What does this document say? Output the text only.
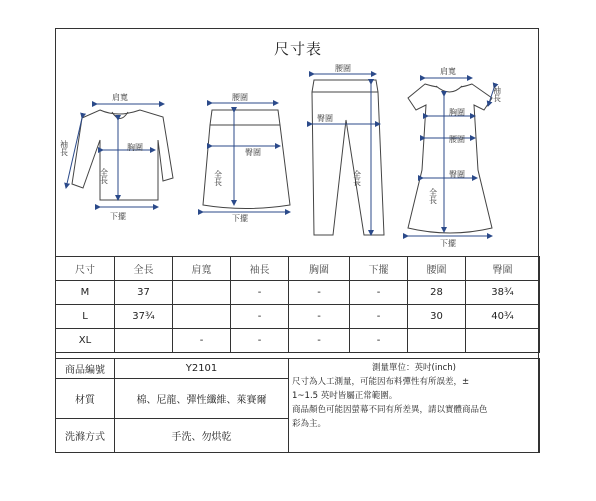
尺寸表
肩寬
袖長	胸圍
全長
下擺
腰圍
臀圍
全長
下擺
腰圍
臀圍
全長
肩寬
袖長
胸圍
腰圍
臀圍
全長
下擺
尺寸	全長	肩寬	袖長	胸圍	下擺	腰圍	臀圍
M	37		-	-	-	28	38¾
L	37¾		-	-	-	30	40¾
XL		-	-	-	-		
商品編號	Y2101	測量單位：英吋(inch)
尺寸為人工測量，可能因布料彈性有所誤差，±
1~1.5 英吋皆屬正常範圍。
商品顏色可能因螢幕不同有所差異，請以實體商品色
彩為主。
材質	棉、尼龍、彈性纖維、萊賽爾	
洗滌方式	手洗、勿烘乾	
